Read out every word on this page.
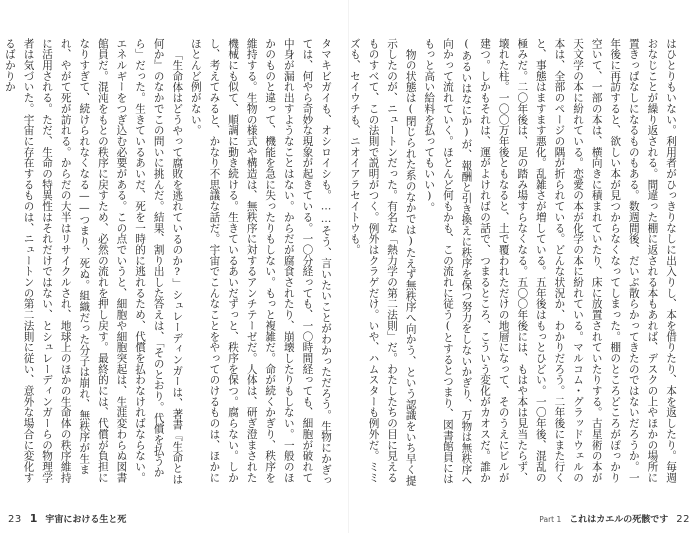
はひとりもいない。利用者がひっきりなしに出入りし、本を借りたり、本を返したり。毎週おなじことが繰り返される。間違った棚に返される本もあれば、デスクの上やほかの場所に置きっぱなしになるものもある。数週間後、だいぶ散らかってきたのではないだろうか。一年後に再訪すると、欲しい本が見つからなくなってしまった。棚のところどころがぽっかり空いて、一部の本は、横向きに積まれていたり、床に放置されていたりする。古星術の本が天文学の本に紛れている。恋愛の本が化学の本に紛れている。マルコム・グラッドウェルの本は、全部のページの隅が折られている。どんな状況か、わかりだろう。二年後にまた行くと、事態はますます悪化。乱雑さが増している。五年後はもっとひどい。一〇年後、混乱の極みだ。二〇年後は、足の踏み場すらなくなる。五〇〇年後には、もはや本は見当たらず、壊れた柱。一〇〇万年後ともなると、土で覆われただけの地層になって、そのうえにビルが建つ。しかもそれは、運がよければの話で、つまるところ、こういう変化がカオスだ。誰か(あるいはなにか)が、報酬と引き換えに秩序を保つ努力をしないかぎり、万物は無秩序へ向かって流れていく。ほとんど何もかも、この流れに従う(とするとつまり、図書館員にはもっと高い給料を払ってもいい)。

物の状態は(閉じられた系のなかでは)たえず無秩序へ向かう、という認識をいち早く提示したのが、ニュートンだった。有名な「熱力学の第二法則」だ。わたしたちの目に見えるものすべて、この法則で説明がつく。例外はクラゲだけ。いや、ハムスターも例外だ。ミミズも、セイウチも、ニオイアラセイトウも。

Part 1 これはカエルの死骸です 22

タマキビガイも、オシロイシも。……そう、言いたいことがわかっただろう。生物にかぎっては、何やら奇妙な現象が起きている。一〇分経っても、一〇時間経っても、細胞が破れて中身が漏れ出すようなことはない。からだが腐食されたり、崩壊したりもしない。一般のほかのものと違って、機能を急に失ったりもしない。もっと複雑だ。命が続くかぎり、秩序を維持する。生物の様式や構造は、無秩序に対するアンチテーゼだ。人体は、研ぎ澄まされた機械にも似て、順調に動き続ける。生きているあいだずっと、秩序を保つ。腐らない。しかし、考えてみると、かなり不思議な話だ。宇宙でこんなことをやってのけるものは、ほかにほとんど例がない。

「生命体はどうやって腐敗を逃れているのか?」シュレーディンガーは、著書『生命とは何か』のなかでこの問いに挑んだ。結果、割り出した答えは、「そのとおり。代償を払うから」だった。生きているあいだ、死を一時的に逃れるため、代償を払わなければならない。エネルギーをつぎ込む必要がある。この点でいうと、細胞や細胞突起は、生涯変わらぬ図書館員だ。混沌をもとの秩序に戻すため、必然の流れを押し戻す。最終的には、代償が負担になりすぎて、続けられなくなる——つまり、死ぬ。組織だった分子は崩れ、無秩序が生まれ、やがて死が訪れる。からだの大半はリサイクルされ、地球上のほかの生命体の秩序維持に活用される。ただ、生命の特異性はそれだけではない、とシュレーディンガーらの物理学者は気づいた。宇宙に存在するものは、ニュートンの第二法則に従い、意外な場合に変化するばかりか

23 1 宇宙における生と死
